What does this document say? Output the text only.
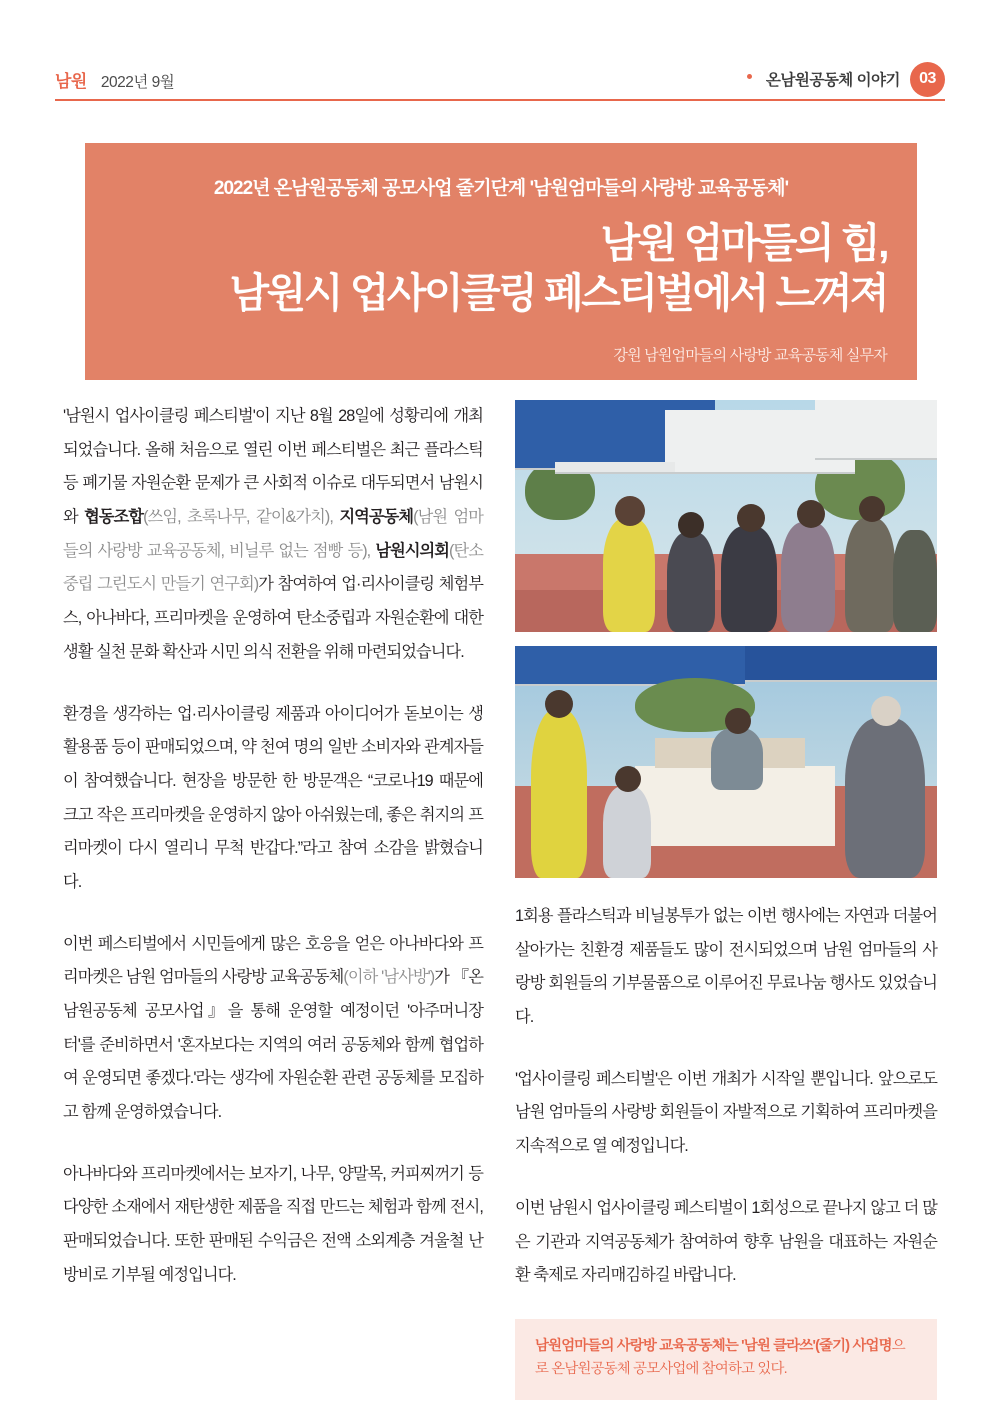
남원 2022년 9월	온남원공동체 이야기	03
2022년 온남원공동체 공모사업 줄기단계 '남원엄마들의 사랑방 교육공동체'
남원 엄마들의 힘,
남원시 업사이클링 페스티벌에서 느껴져
강원 남원엄마들의 사랑방 교육공동체 실무자

'남원시 업사이클링 페스티벌'이 지난 8월 28일에 성황리에 개최되었습니다. 올해 처음으로 열린 이번 페스티벌은 최근 플라스틱 등 폐기물 자원순환 문제가 큰 사회적 이슈로 대두되면서 남원시와 협동조합(쓰임, 초록나무, 같이&가치), 지역공동체(남원 엄마들의 사랑방 교육공동체, 비닐루 없는 점빵 등), 남원시의회(탄소중립 그린도시 만들기 연구회)가 참여하여 업·리사이클링 체험부스, 아나바다, 프리마켓을 운영하여 탄소중립과 자원순환에 대한 생활 실천 문화 확산과 시민 의식 전환을 위해 마련되었습니다.

환경을 생각하는 업·리사이클링 제품과 아이디어가 돋보이는 생활용품 등이 판매되었으며, 약 천여 명의 일반 소비자와 관계자들이 참여했습니다. 현장을 방문한 한 방문객은 “코로나19 때문에 크고 작은 프리마켓을 운영하지 않아 아쉬웠는데, 좋은 취지의 프리마켓이 다시 열리니 무척 반갑다.”라고 참여 소감을 밝혔습니다.

이번 페스티벌에서 시민들에게 많은 호응을 얻은 아나바다와 프리마켓은 남원 엄마들의 사랑방 교육공동체(이하 '남사방')가 『온남원공동체 공모사업』을 통해 운영할 예정이던 '아주머니장터'를 준비하면서 '혼자보다는 지역의 여러 공동체와 함께 협업하여 운영되면 좋겠다.'라는 생각에 자원순환 관련 공동체를 모집하고 함께 운영하였습니다.

아나바다와 프리마켓에서는 보자기, 나무, 양말목, 커피찌꺼기 등 다양한 소재에서 재탄생한 제품을 직접 만드는 체험과 함께 전시, 판매되었습니다. 또한 판매된 수익금은 전액 소외계층 겨울철 난방비로 기부될 예정입니다.

1회용 플라스틱과 비닐봉투가 없는 이번 행사에는 자연과 더불어 살아가는 친환경 제품들도 많이 전시되었으며 남원 엄마들의 사랑방 회원들의 기부물품으로 이루어진 무료나눔 행사도 있었습니다.

'업사이클링 페스티벌'은 이번 개최가 시작일 뿐입니다. 앞으로도 남원 엄마들의 사랑방 회원들이 자발적으로 기획하여 프리마켓을 지속적으로 열 예정입니다.

이번 남원시 업사이클링 페스티벌이 1회성으로 끝나지 않고 더 많은 기관과 지역공동체가 참여하여 향후 남원을 대표하는 자원순환 축제로 자리매김하길 바랍니다.

남원엄마들의 사랑방 교육공동체는 '남원 클라쓰'(줄기) 사업명으로 온남원공동체 공모사업에 참여하고 있다.
